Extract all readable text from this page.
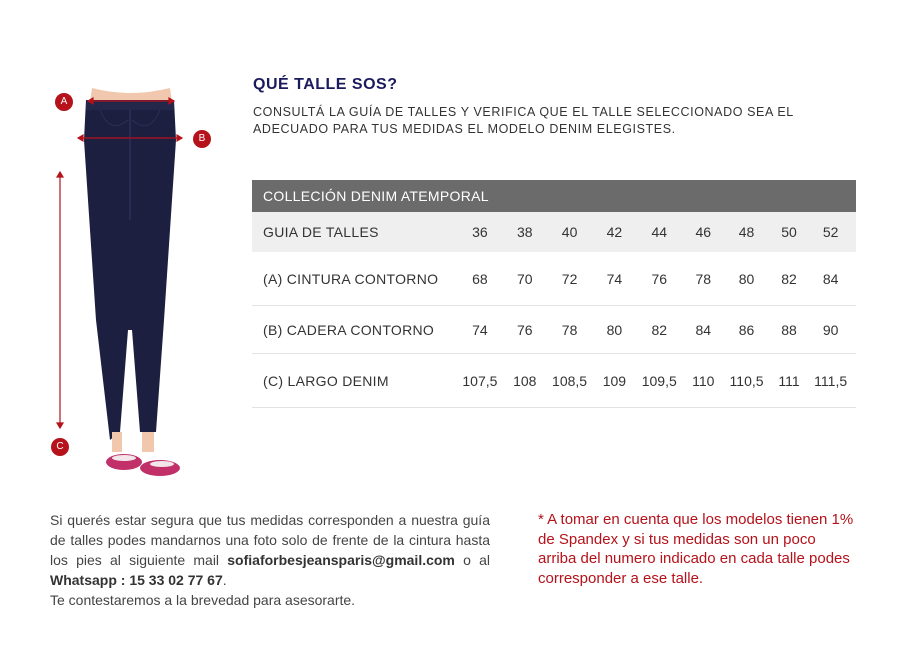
A
B
C
QUÉ TALLE SOS?

CONSULTÁ LA GUÍA DE TALLES Y VERIFICA QUE EL TALLE SELECCIONADO SEA EL ADECUADO PARA TUS MEDIDAS EL MODELO DENIM ELEGISTES.

COLLECIÓN DENIM ATEMPORAL
GUIA DE TALLES	36	38	40	42	44	46	48	50	52
(A) CINTURA CONTORNO	68	70	72	74	76	78	80	82	84
(B) CADERA CONTORNO	74	76	78	80	82	84	86	88	90
(C) LARGO DENIM	107,5	108	108,5	109	109,5	110	110,5	111	111,5

Si querés estar segura que tus medidas corresponden a nuestra guía de talles podes mandarnos una foto solo de frente de la cintura hasta los pies al siguiente mail sofiaforbesjeansparis@gmail.com o al Whatsapp : 15 33 02 77 67.
Te contestaremos a la brevedad para asesorarte.

* A tomar en cuenta que los modelos tienen 1% de Spandex y si tus medidas son un poco arriba del numero indicado en cada talle podes corresponder a ese talle.
